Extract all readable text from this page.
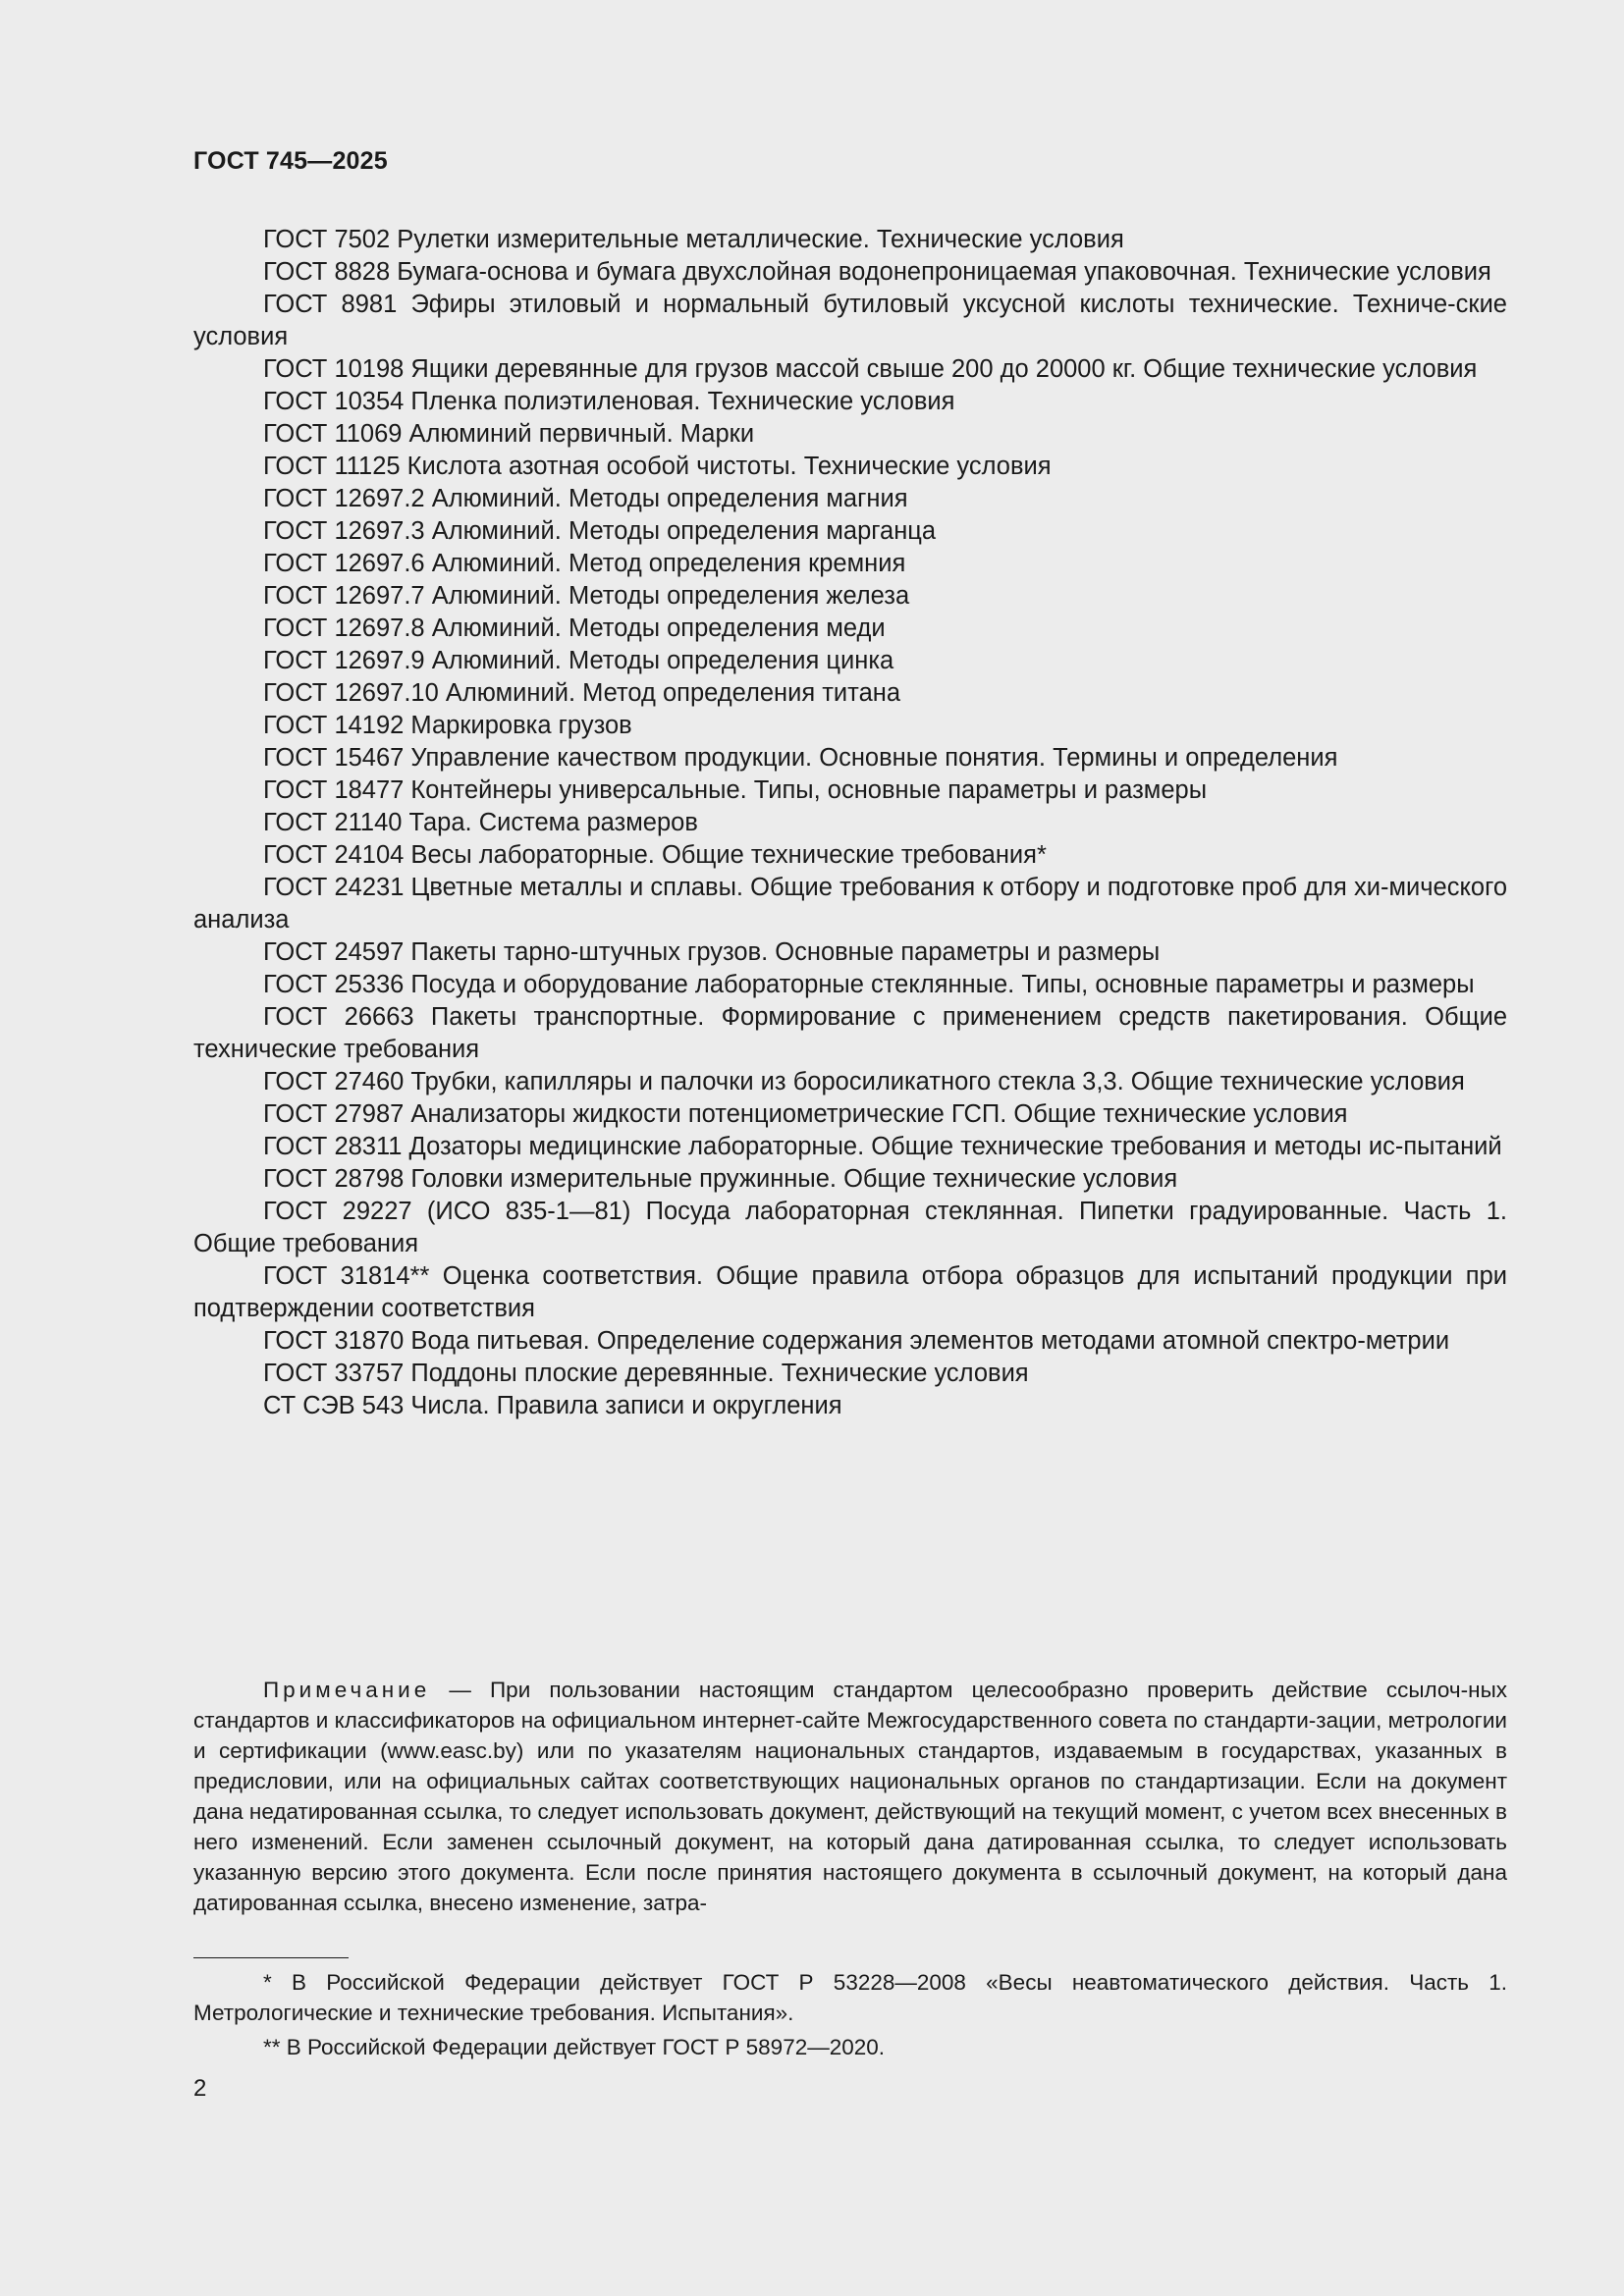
ГОСТ 745—2025
ГОСТ 7502 Рулетки измерительные металлические. Технические условия
ГОСТ 8828 Бумага-основа и бумага двухслойная водонепроницаемая упаковочная. Технические условия
ГОСТ 8981 Эфиры этиловый и нормальный бутиловый уксусной кислоты технические. Техниче-ские условия
ГОСТ 10198 Ящики деревянные для грузов массой свыше 200 до 20000 кг. Общие технические условия
ГОСТ 10354 Пленка полиэтиленовая. Технические условия
ГОСТ 11069 Алюминий первичный. Марки
ГОСТ 11125 Кислота азотная особой чистоты. Технические условия
ГОСТ 12697.2 Алюминий. Методы определения магния
ГОСТ 12697.3 Алюминий. Методы определения марганца
ГОСТ 12697.6 Алюминий. Метод определения кремния
ГОСТ 12697.7 Алюминий. Методы определения железа
ГОСТ 12697.8 Алюминий. Методы определения меди
ГОСТ 12697.9 Алюминий. Методы определения цинка
ГОСТ 12697.10 Алюминий. Метод определения титана
ГОСТ 14192 Маркировка грузов
ГОСТ 15467 Управление качеством продукции. Основные понятия. Термины и определения
ГОСТ 18477 Контейнеры универсальные. Типы, основные параметры и размеры
ГОСТ 21140 Тара. Система размеров
ГОСТ 24104 Весы лабораторные. Общие технические требования*
ГОСТ 24231 Цветные металлы и сплавы. Общие требования к отбору и подготовке проб для хи-мического анализа
ГОСТ 24597 Пакеты тарно-штучных грузов. Основные параметры и размеры
ГОСТ 25336 Посуда и оборудование лабораторные стеклянные. Типы, основные параметры и размеры
ГОСТ 26663 Пакеты транспортные. Формирование с применением средств пакетирования. Общие технические требования
ГОСТ 27460 Трубки, капилляры и палочки из боросиликатного стекла 3,3. Общие технические условия
ГОСТ 27987 Анализаторы жидкости потенциометрические ГСП. Общие технические условия
ГОСТ 28311 Дозаторы медицинские лабораторные. Общие технические требования и методы ис-пытаний
ГОСТ 28798 Головки измерительные пружинные. Общие технические условия
ГОСТ 29227 (ИСО 835-1—81) Посуда лабораторная стеклянная. Пипетки градуированные. Часть 1. Общие требования
ГОСТ 31814** Оценка соответствия. Общие правила отбора образцов для испытаний продукции при подтверждении соответствия
ГОСТ 31870 Вода питьевая. Определение содержания элементов методами атомной спектро-метрии
ГОСТ 33757 Поддоны плоские деревянные. Технические условия
СТ СЭВ 543 Числа. Правила записи и округления
Примечание — При пользовании настоящим стандартом целесообразно проверить действие ссылоч-ных стандартов и классификаторов на официальном интернет-сайте Межгосударственного совета по стандарти-зации, метрологии и сертификации (www.easc.by) или по указателям национальных стандартов, издаваемым в государствах, указанных в предисловии, или на официальных сайтах соответствующих национальных органов по стандартизации. Если на документ дана недатированная ссылка, то следует использовать документ, действующий на текущий момент, с учетом всех внесенных в него изменений. Если заменен ссылочный документ, на который дана датированная ссылка, то следует использовать указанную версию этого документа. Если после принятия настоящего документа в ссылочный документ, на который дана датированная ссылка, внесено изменение, затра-
* В Российской Федерации действует ГОСТ Р 53228—2008 «Весы неавтоматического действия. Часть 1. Метрологические и технические требования. Испытания».
** В Российской Федерации действует ГОСТ Р 58972—2020.
2
